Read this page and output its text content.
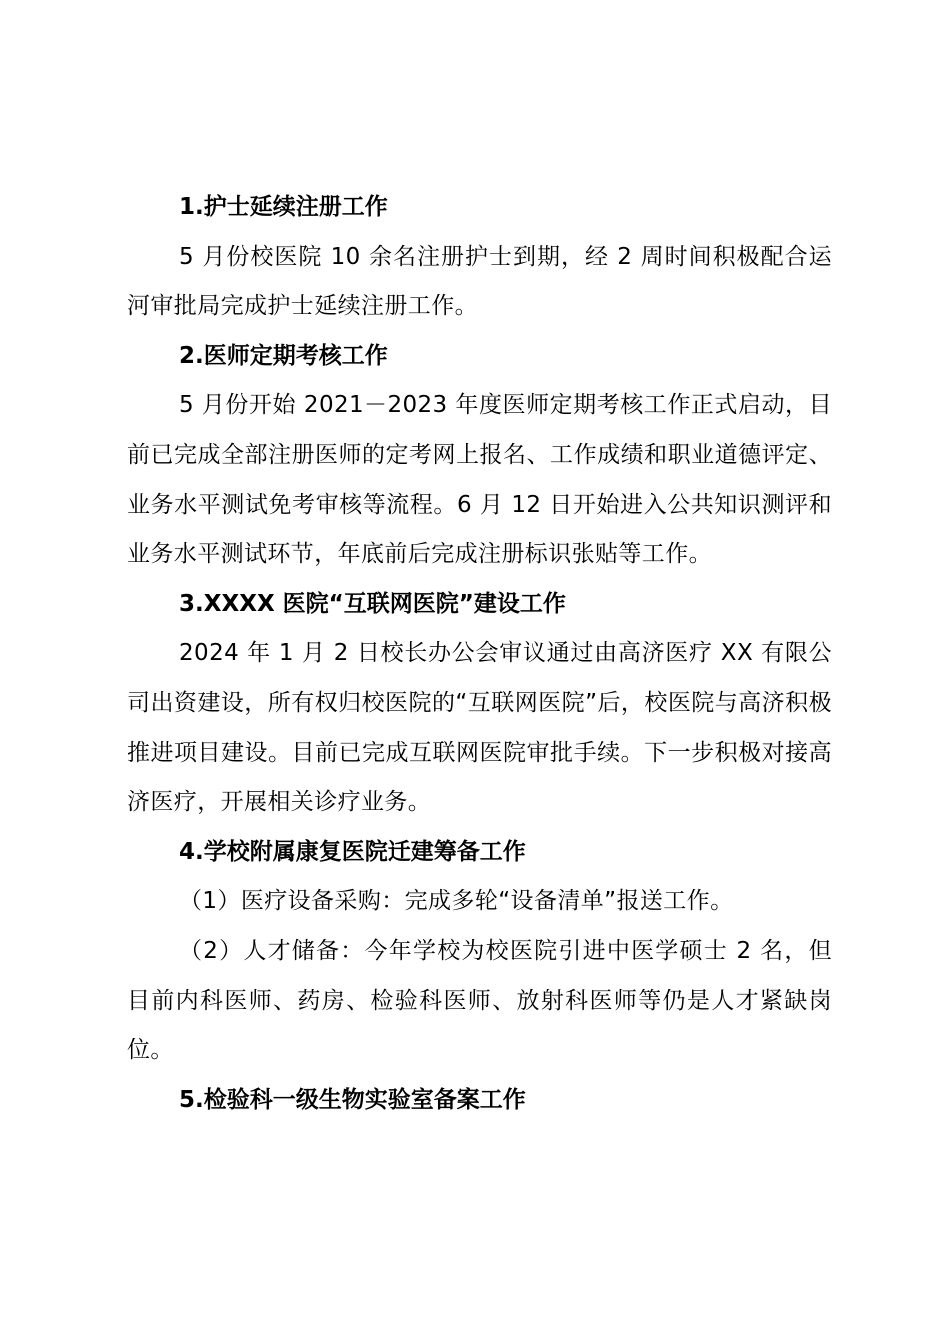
1.护士延续注册工作

5 月份校医院 10 余名注册护士到期，经 2 周时间积极配合运河审批局完成护士延续注册工作。

2.医师定期考核工作

5 月份开始 2021－2023 年度医师定期考核工作正式启动，目前已完成全部注册医师的定考网上报名、工作成绩和职业道德评定、业务水平测试免考审核等流程。6 月 12 日开始进入公共知识测评和业务水平测试环节，年底前后完成注册标识张贴等工作。

3.XXXX 医院“互联网医院”建设工作

2024 年 1 月 2 日校长办公会审议通过由高济医疗 XX 有限公司出资建设，所有权归校医院的“互联网医院”后，校医院与高济积极推进项目建设。目前已完成互联网医院审批手续。下一步积极对接高济医疗，开展相关诊疗业务。

4.学校附属康复医院迁建筹备工作

（1）医疗设备采购：完成多轮“设备清单”报送工作。

（2）人才储备：今年学校为校医院引进中医学硕士 2 名，但目前内科医师、药房、检验科医师、放射科医师等仍是人才紧缺岗位。

5.检验科一级生物实验室备案工作
